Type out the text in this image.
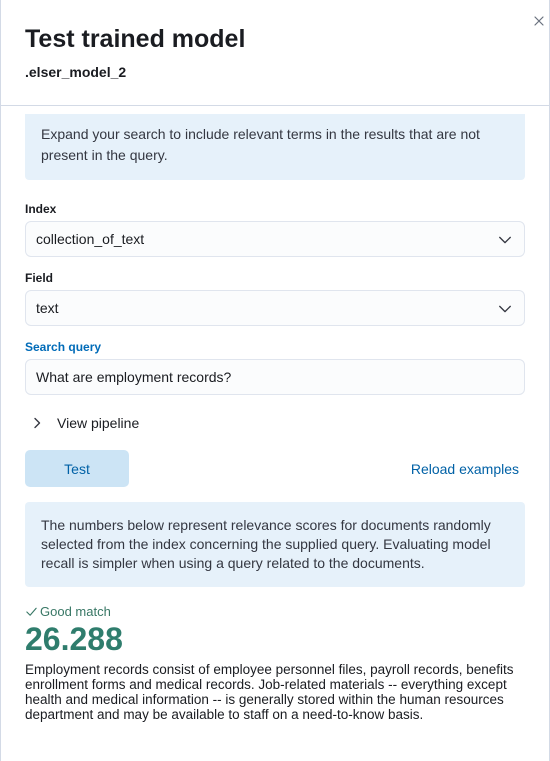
Test trained model
.elser_model_2
Expand your search to include relevant terms in the results that are not present in the query.
Index
collection_of_text
Field
text
Search query
What are employment records?
View pipeline
Test	Reload examples
The numbers below represent relevance scores for documents randomly selected from the index concerning the supplied query. Evaluating model recall is simpler when using a query related to the documents.
Good match
26.288
Employment records consist of employee personnel files, payroll records, benefits enrollment forms and medical records. Job-related materials -- everything except health and medical information -- is generally stored within the human resources department and may be available to staff on a need-to-know basis.
